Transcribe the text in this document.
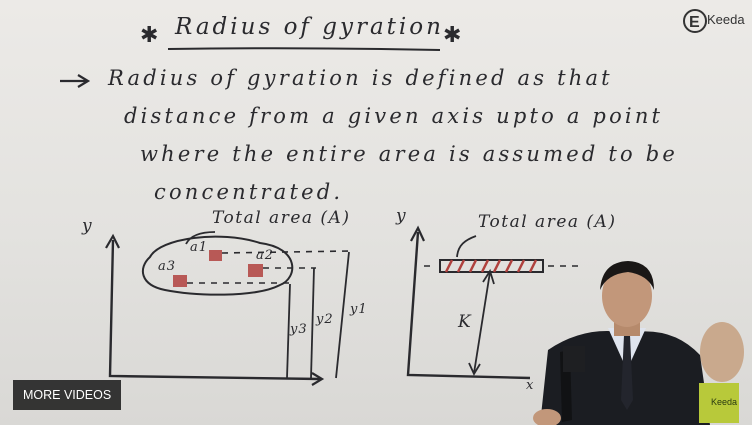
Radius of gyration
Radius of gyration is defined as that
distance from a given axis upto a point
where the entire area is assumed to be
concentrated.
✱	✱
y	Total area (A)
a1
a2
a3
y3
y2
y1
y	Total area (A)
K
x
E Keeda
MORE VIDEOS	Keeda
